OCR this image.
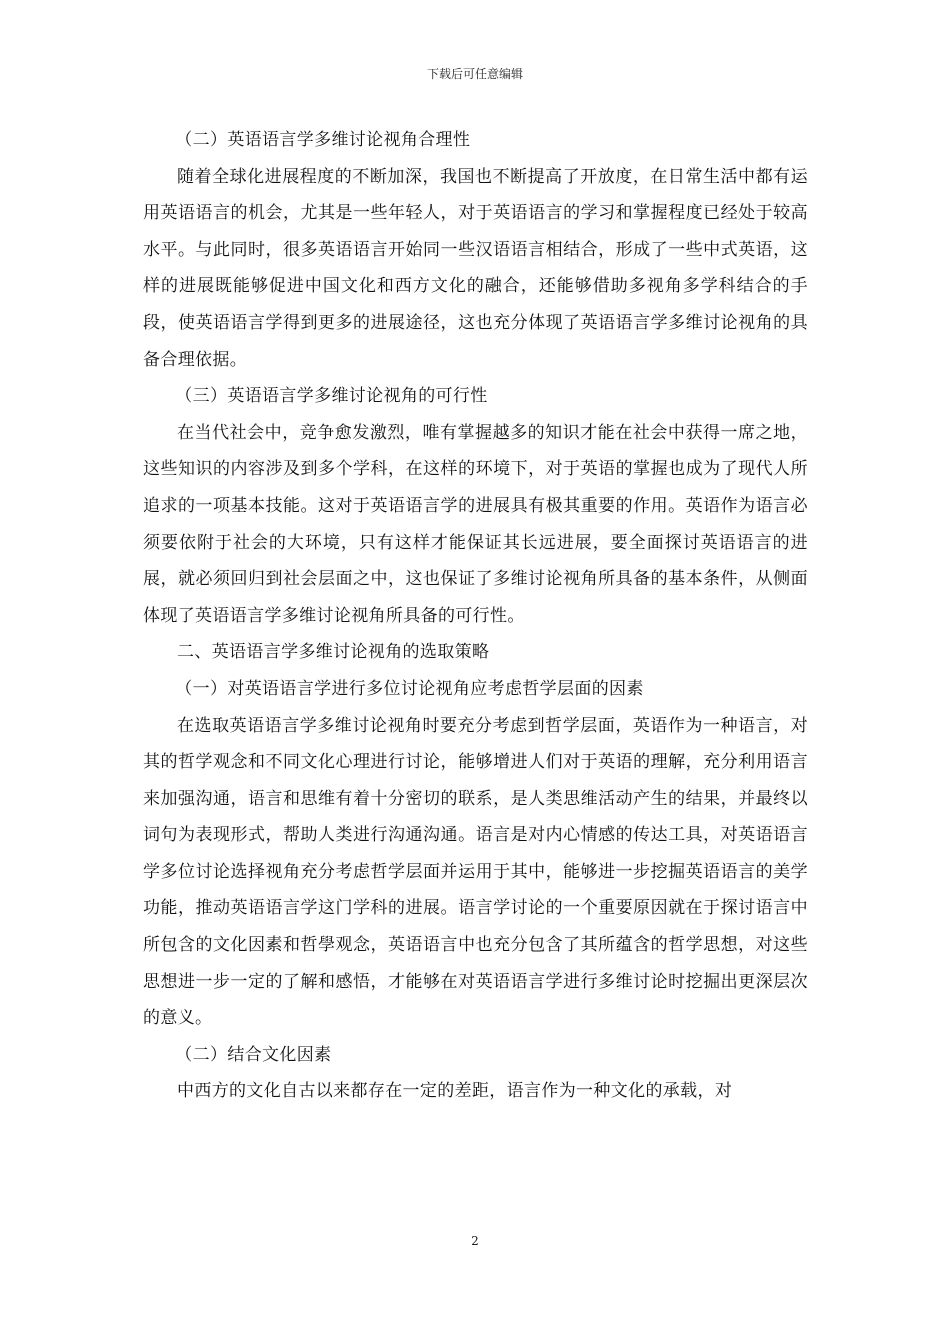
下载后可任意编辑

（二）英语语言学多维讨论视角合理性

随着全球化进展程度的不断加深，我国也不断提高了开放度，在日常生活中都有运用英语语言的机会，尤其是一些年轻人，对于英语语言的学习和掌握程度已经处于较高水平。与此同时，很多英语语言开始同一些汉语语言相结合，形成了一些中式英语，这样的进展既能够促进中国文化和西方文化的融合，还能够借助多视角多学科结合的手段，使英语语言学得到更多的进展途径，这也充分体现了英语语言学多维讨论视角的具备合理依据。

（三）英语语言学多维讨论视角的可行性

在当代社会中，竞争愈发激烈，唯有掌握越多的知识才能在社会中获得一席之地，这些知识的内容涉及到多个学科，在这样的环境下，对于英语的掌握也成为了现代人所追求的一项基本技能。这对于英语语言学的进展具有极其重要的作用。英语作为语言必须要依附于社会的大环境，只有这样才能保证其长远进展，要全面探讨英语语言的进展，就必须回归到社会层面之中，这也保证了多维讨论视角所具备的基本条件，从侧面体现了英语语言学多维讨论视角所具备的可行性。

二、英语语言学多维讨论视角的选取策略

（一）对英语语言学进行多位讨论视角应考虑哲学层面的因素

在选取英语语言学多维讨论视角时要充分考虑到哲学层面，英语作为一种语言，对其的哲学观念和不同文化心理进行讨论，能够增进人们对于英语的理解，充分利用语言来加强沟通，语言和思维有着十分密切的联系，是人类思维活动产生的结果，并最终以词句为表现形式，帮助人类进行沟通沟通。语言是对内心情感的传达工具，对英语语言学多位讨论选择视角充分考虑哲学层面并运用于其中，能够进一步挖掘英语语言的美学功能，推动英语语言学这门学科的进展。语言学讨论的一个重要原因就在于探讨语言中所包含的文化因素和哲學观念，英语语言中也充分包含了其所蕴含的哲学思想，对这些思想进一步一定的了解和感悟，才能够在对英语语言学进行多维讨论时挖掘出更深层次的意义。

（二）结合文化因素

中西方的文化自古以来都存在一定的差距，语言作为一种文化的承载，对

2
